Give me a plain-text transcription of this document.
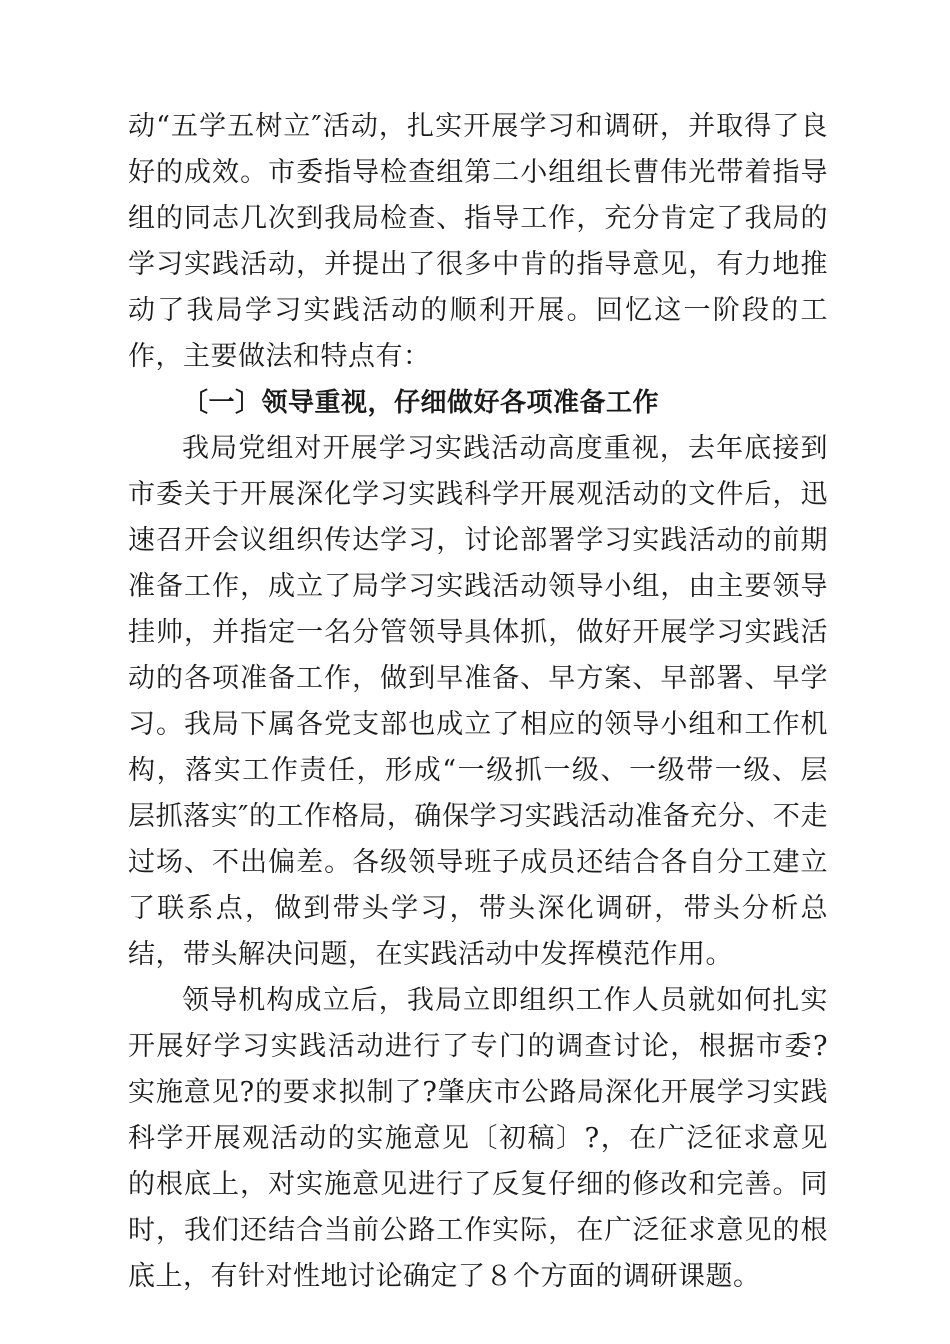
动“五学五树立″活动，扎实开展学习和调研，并取得了良好的成效。市委指导检查组第二小组组长曹伟光带着指导组的同志几次到我局检查、指导工作，充分肯定了我局的学习实践活动，并提出了很多中肯的指导意见，有力地推动了我局学习实践活动的顺利开展。回忆这一阶段的工作，主要做法和特点有：

〔一〕领导重视，仔细做好各项准备工作

我局党组对开展学习实践活动高度重视，去年底接到市委关于开展深化学习实践科学开展观活动的文件后，迅速召开会议组织传达学习，讨论部署学习实践活动的前期准备工作，成立了局学习实践活动领导小组，由主要领导挂帅，并指定一名分管领导具体抓，做好开展学习实践活动的各项准备工作，做到早准备、早方案、早部署、早学习。我局下属各党支部也成立了相应的领导小组和工作机构，落实工作责任，形成“一级抓一级、一级带一级、层层抓落实″的工作格局，确保学习实践活动准备充分、不走过场、不出偏差。各级领导班子成员还结合各自分工建立了联系点，做到带头学习，带头深化调研，带头分析总结，带头解决问题，在实践活动中发挥模范作用。

领导机构成立后，我局立即组织工作人员就如何扎实开展好学习实践活动进行了专门的调查讨论，根据市委?实施意见?的要求拟制了?肇庆市公路局深化开展学习实践科学开展观活动的实施意见〔初稿〕?，在广泛征求意见的根底上，对实施意见进行了反复仔细的修改和完善。同时，我们还结合当前公路工作实际，在广泛征求意见的根底上，有针对性地讨论确定了８个方面的调研课题。
